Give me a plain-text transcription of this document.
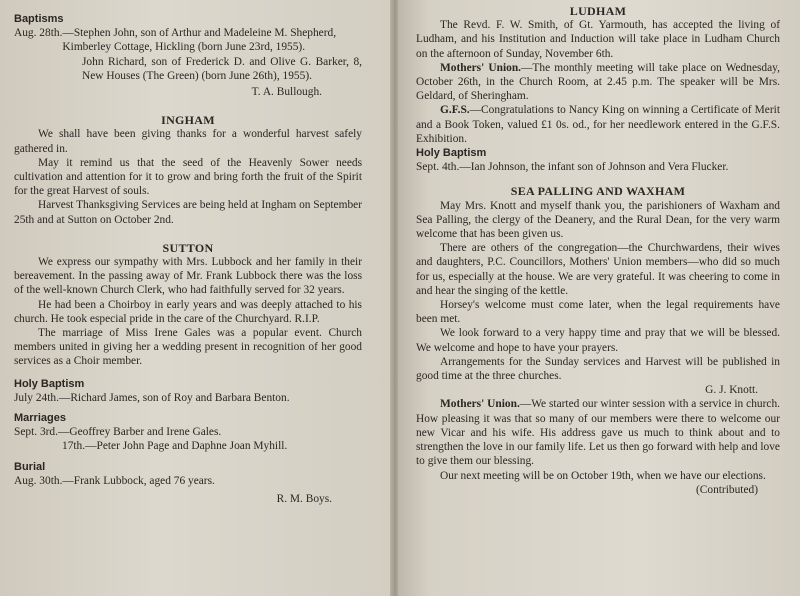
Baptisms

Aug. 28th. —Stephen John, son of Arthur and Madeleine M. Shepherd, Kimberley Cottage, Hickling (born June 23rd, 1955).

John Richard, son of Frederick D. and Olive G. Barker, 8, New Houses (The Green) (born June 26th), 1955).

T. A. Bullough.

INGHAM

We shall have been giving thanks for a wonderful harvest safely gathered in.

May it remind us that the seed of the Heavenly Sower needs cultivation and attention for it to grow and bring forth the fruit of the Spirit for the great Harvest of souls.

Harvest Thanksgiving Services are being held at Ingham on September 25th and at Sutton on October 2nd.

SUTTON

We express our sympathy with Mrs. Lubbock and her family in their bereavement. In the passing away of Mr. Frank Lubbock there was the loss of the well-known Church Clerk, who had faithfully served for 32 years.

He had been a Choirboy in early years and was deeply attached to his church. He took especial pride in the care of the Churchyard. R.I.P.

The marriage of Miss Irene Gales was a popular event. Church members united in giving her a wedding present in recognition of her good services as a Choir member.

Holy Baptism

July 24th.—Richard James, son of Roy and Barbara Benton.

Marriages

Sept. 3rd.—Geoffrey Barber and Irene Gales.

17th.—Peter John Page and Daphne Joan Myhill.

Burial

Aug. 30th.—Frank Lubbock, aged 76 years.

R. M. Boys.

LUDHAM

The Revd. F. W. Smith, of Gt. Yarmouth, has accepted the living of Ludham, and his Institution and Induction will take place in Ludham Church on the afternoon of Sunday, November 6th.

Mothers' Union.—The monthly meeting will take place on Wednesday, October 26th, in the Church Room, at 2.45 p.m. The speaker will be Mrs. Geldard, of Sheringham.

G.F.S.—Congratulations to Nancy King on winning a Certificate of Merit and a Book Token, valued £1 0s. od., for her needlework entered in the G.F.S. Exhibition.

Holy Baptism

Sept. 4th.—Ian Johnson, the infant son of Johnson and Vera Flucker.

SEA PALLING AND WAXHAM

May Mrs. Knott and myself thank you, the parishioners of Waxham and Sea Palling, the clergy of the Deanery, and the Rural Dean, for the very warm welcome that has been given us.

There are others of the congregation—the Churchwardens, their wives and daughters, P.C. Councillors, Mothers' Union members—who did so much for us, especially at the house. We are very grateful. It was cheering to come in and hear the singing of the kettle.

Horsey's welcome must come later, when the legal requirements have been met.

We look forward to a very happy time and pray that we will be blessed. We welcome and hope to have your prayers.

Arrangements for the Sunday services and Harvest will be published in good time at the three churches.

G. J. Knott.

Mothers' Union.—We started our winter session with a service in church. How pleasing it was that so many of our members were there to welcome our new Vicar and his wife. His address gave us much to think about and to strengthen the love in our family life. Let us then go forward with help and love to give them our blessing.

Our next meeting will be on October 19th, when we have our elections.

(Contributed)
